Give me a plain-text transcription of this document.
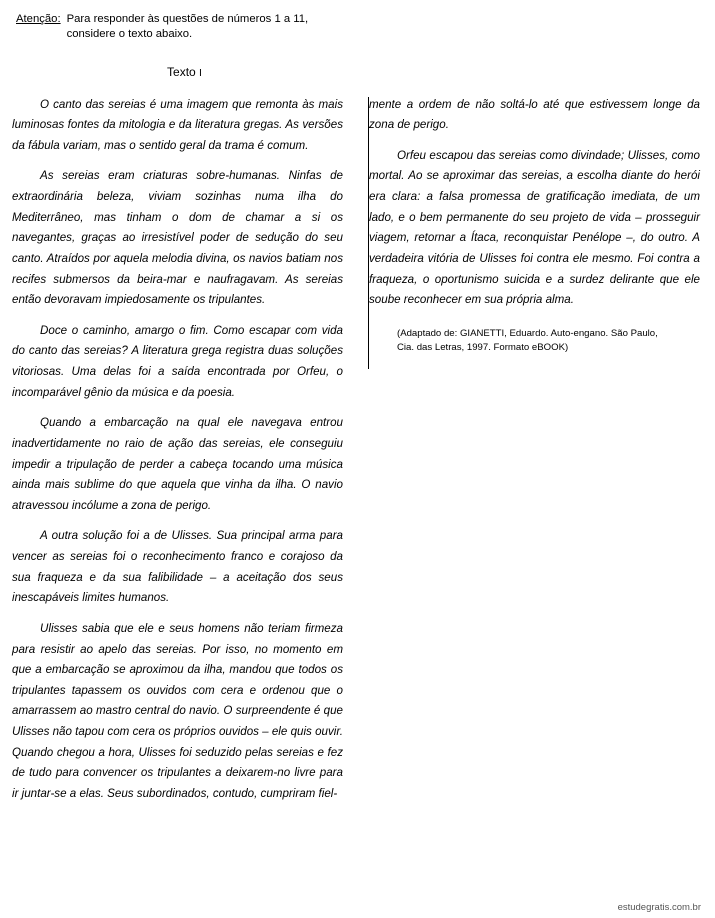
Atenção: Para responder às questões de números 1 a 11,
considere o texto abaixo.
Texto I

O canto das sereias é uma imagem que remonta às mais luminosas fontes da mitologia e da literatura gregas. As versões da fábula variam, mas o sentido geral da trama é comum.

As sereias eram criaturas sobre-humanas. Ninfas de extraordinária beleza, viviam sozinhas numa ilha do Mediterrâneo, mas tinham o dom de chamar a si os navegantes, graças ao irresistível poder de sedução do seu canto. Atraídos por aquela melodia divina, os navios batiam nos recifes submersos da beira-mar e naufragavam. As sereias então devoravam impiedosamente os tripulantes.

Doce o caminho, amargo o fim. Como escapar com vida do canto das sereias? A literatura grega registra duas soluções vitoriosas. Uma delas foi a saída encontrada por Orfeu, o incomparável gênio da música e da poesia.

Quando a embarcação na qual ele navegava entrou inadvertidamente no raio de ação das sereias, ele conseguiu impedir a tripulação de perder a cabeça tocando uma música ainda mais sublime do que aquela que vinha da ilha. O navio atravessou incólume a zona de perigo.

A outra solução foi a de Ulisses. Sua principal arma para vencer as sereias foi o reconhecimento franco e corajoso da sua fraqueza e da sua falibilidade – a aceitação dos seus inescapáveis limites humanos.

Ulisses sabia que ele e seus homens não teriam firmeza para resistir ao apelo das sereias. Por isso, no momento em que a embarcação se aproximou da ilha, mandou que todos os tripulantes tapassem os ouvidos com cera e ordenou que o amarrassem ao mastro central do navio. O surpreendente é que Ulisses não tapou com cera os próprios ouvidos – ele quis ouvir. Quando chegou a hora, Ulisses foi seduzido pelas sereias e fez de tudo para convencer os tripulantes a deixarem-no livre para ir juntar-se a elas. Seus subordinados, contudo, cumpriram fiel-

mente a ordem de não soltá-lo até que estivessem longe da zona de perigo.

Orfeu escapou das sereias como divindade; Ulisses, como mortal. Ao se aproximar das sereias, a escolha diante do herói era clara: a falsa promessa de gratificação imediata, de um lado, e o bem permanente do seu projeto de vida – prosseguir viagem, retornar a Ítaca, reconquistar Penélope –, do outro. A verdadeira vitória de Ulisses foi contra ele mesmo. Foi contra a fraqueza, o oportunismo suicida e a surdez delirante que ele soube reconhecer em sua própria alma.

(Adaptado de: GIANETTI, Eduardo. Auto-engano. São Paulo,
Cia. das Letras, 1997. Formato eBOOK)
estudegratis.com.br
